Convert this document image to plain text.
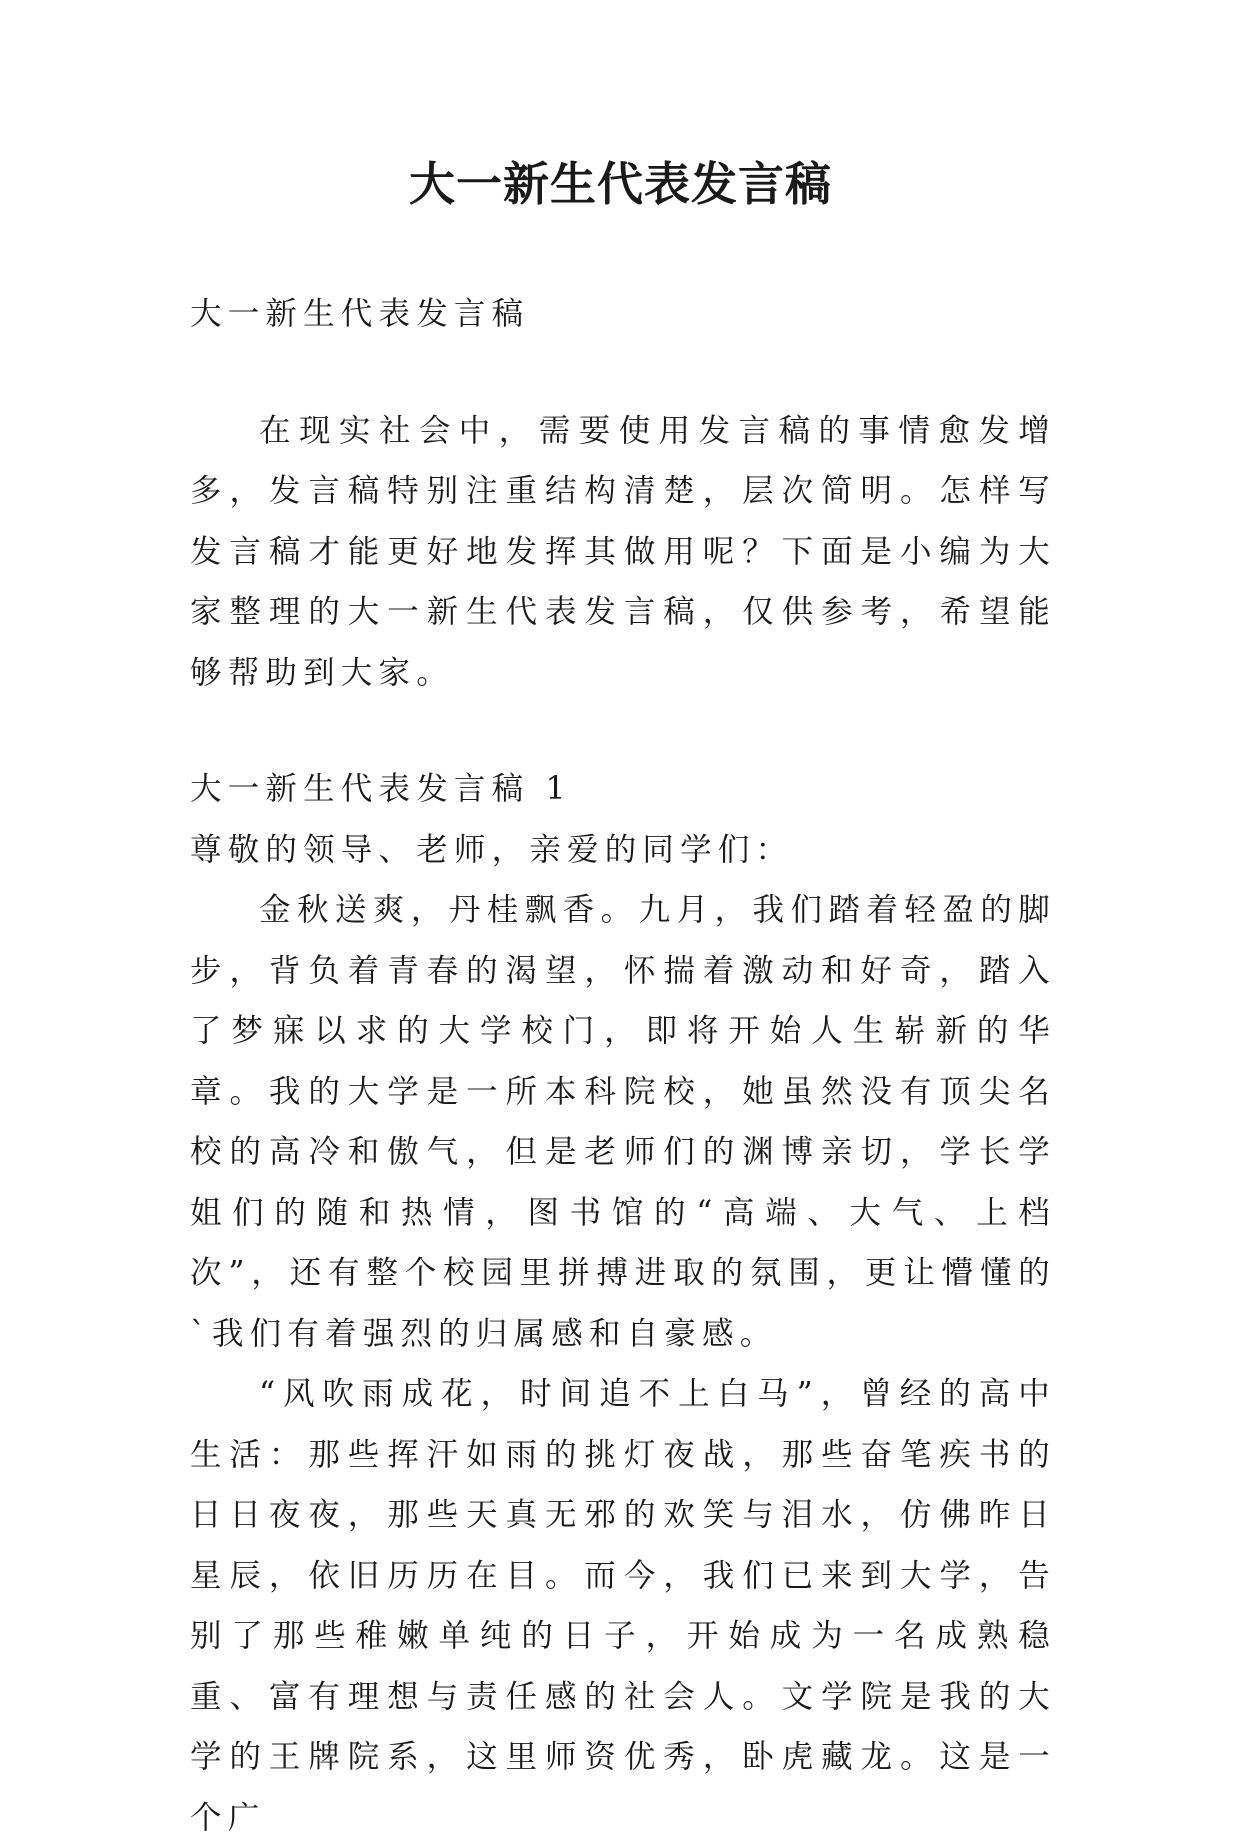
大一新生代表发言稿

大一新生代表发言稿

在现实社会中，需要使用发言稿的事情愈发增多，发言稿特别注重结构清楚，层次简明。怎样写发言稿才能更好地发挥其做用呢？下面是小编为大家整理的大一新生代表发言稿，仅供参考，希望能够帮助到大家。

大一新生代表发言稿 1

尊敬的领导、老师，亲爱的同学们：

金秋送爽，丹桂飘香。九月，我们踏着轻盈的脚步，背负着青春的渴望，怀揣着激动和好奇，踏入了梦寐以求的大学校门，即将开始人生崭新的华章。我的大学是一所本科院校，她虽然没有顶尖名校的高冷和傲气，但是老师们的渊博亲切，学长学姐们的随和热情，图书馆的“高端、大气、上档次”，还有整个校园里拼搏进取的氛围，更让懵懂的`我们有着强烈的归属感和自豪感。

“风吹雨成花，时间追不上白马”，曾经的高中生活：那些挥汗如雨的挑灯夜战，那些奋笔疾书的日日夜夜，那些天真无邪的欢笑与泪水，仿佛昨日星辰，依旧历历在目。而今，我们已来到大学，告别了那些稚嫩单纯的日子，开始成为一名成熟稳重、富有理想与责任感的社会人。文学院是我的大学的王牌院系，这里师资优秀，卧虎藏龙。这是一个广
